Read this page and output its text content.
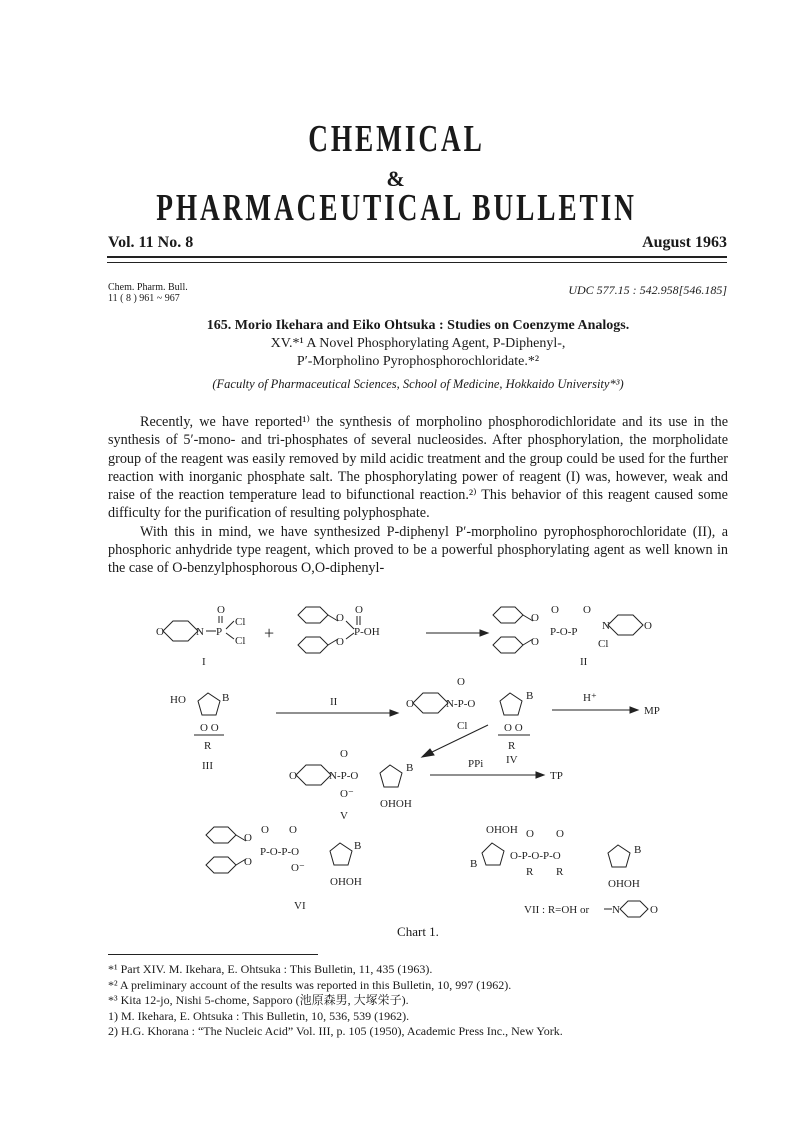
CHEMICAL
&
PHARMACEUTICAL BULLETIN
Vol. 11 No. 8	August 1963
Chem. Pharm. Bull.
11 ( 8 ) 961 ~ 967
UDC 577.15 : 542.958[546.185]
165. Morio Ikehara and Eiko Ohtsuka : Studies on Coenzyme Analogs.
XV.*¹ A Novel Phosphorylating Agent, P-Diphenyl-,
P′-Morpholino Pyrophosphorochloridate.*²
(Faculty of Pharmaceutical Sciences, School of Medicine, Hokkaido University*³)

Recently, we have reported¹⁾ the synthesis of morpholino phosphorodichloridate and its use in the synthesis of 5′-mono- and tri-phosphates of several nucleosides. After phosphorylation, the morpholidate group of the reagent was easily removed by mild acidic treatment and the group could be used for the further reaction with inorganic phosphate salt. The phosphorylating power of reagent (I) was, however, weak and raise of the reaction temperature lead to bifunctional reaction.²⁾ This behavior of this reagent caused some difficulty for the purification of resulting polyphosphate.

With this in mind, we have synthesized P-diphenyl P′-morpholino pyrophosphorochloridate (II), a phosphoric anhydride type reagent, which proved to be a powerful phosphorylating agent as well known in the case of O-benzylphosphorous O,O-diphenyl-

O	N P
O
Cl
Cl
I
+
O
O
P-OH
O
O
O
P-O-P
O O
N	O
Cl
II
HO	B
O O
R
III
II	O	N-P-O
O
Cl
B
O O
R
IV
H⁺
MP
O	N-P-O
O
O⁻
B
OHOH
V
PPi
TP
O
O
P-O-P-O
O O
O⁻
B
OHOH
VI
OHOH
B
O-P-O-P-O
O O
R R
B
OHOH
VII : R=OH or N	O
Chart 1.
*¹ Part XIV. M. Ikehara, E. Ohtsuka : This Bulletin, 11, 435 (1963).
*² A preliminary account of the results was reported in this Bulletin, 10, 997 (1962).
*³ Kita 12-jo, Nishi 5-chome, Sapporo (池原森男, 大塚栄子).
1) M. Ikehara, E. Ohtsuka : This Bulletin, 10, 536, 539 (1962).
2) H.G. Khorana : “The Nucleic Acid” Vol. III, p. 105 (1950), Academic Press Inc., New York.
